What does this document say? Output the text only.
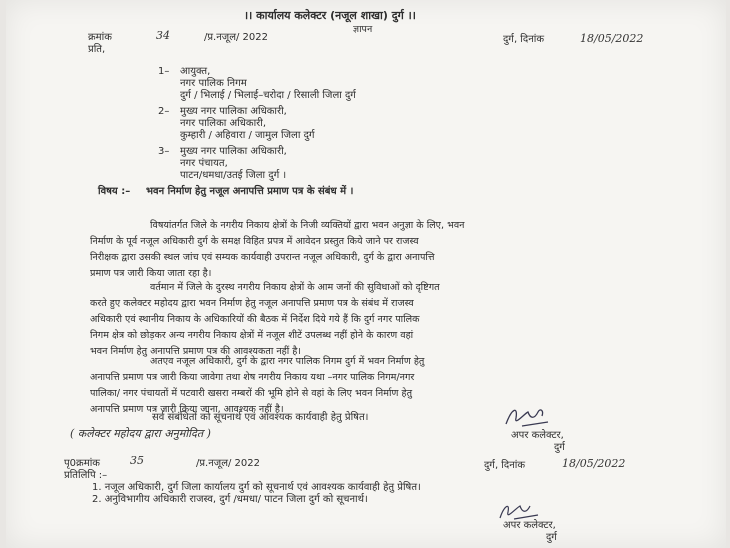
।। कार्यालय कलेक्टर (नजूल शाखा) दुर्ग ।।
ज्ञापन
क्रमांक	34	/प्र.नजूल/ 2022
प्रति,
दुर्ग, दिनांक	18/05/2022
1– आयुक्त,
नगर पालिक निगम
दुर्ग / भिलाई / भिलाई–चरोदा / रिसाली जिला दुर्ग
2– मुख्य नगर पालिका अधिकारी,
नगर पालिका अधिकारी,
कुम्हारी / अहिवारा / जामुल जिला दुर्ग
3– मुख्य नगर पालिका अधिकारी,
नगर पंचायत,
पाटन/धमधा/उतई जिला दुर्ग ।
विषय :– भवन निर्माण हेतु नजूल अनापत्ति प्रमाण पत्र के संबंध में ।
विषयांतर्गत जिले के नगरीय निकाय क्षेत्रों के निजी व्यक्तियों द्वारा भवन अनुज्ञा के लिए, भवन
निर्माण के पूर्व नजूल अधिकारी दुर्ग के समक्ष विहित प्रपत्र में आवेदन प्रस्तुत किये जाने पर राजस्व
निरीक्षक द्वारा उसकी स्थल जांच एवं सम्यक कार्यवाही उपरान्त नजूल अधिकारी, दुर्ग के द्वारा अनापत्ति
प्रमाण पत्र जारी किया जाता रहा है।
वर्तमान में जिले के दुरस्थ नगरीय निकाय क्षेत्रों के आम जनों की सुविधाओं को दृष्टिगत
करते हुए कलेक्टर महोदय द्वारा भवन निर्माण हेतु नजूल अनापत्ति प्रमाण पत्र के संबंध में राजस्व
अधिकारी एवं स्थानीय निकाय के अधिकारियों की बैठक में निर्देश दिये गये हैं कि दुर्ग नगर पालिक
निगम क्षेत्र को छोड़कर अन्य नगरीय निकाय क्षेत्रों में नजूल शीटें उपलब्ध नहीं होने के कारण वहां
भवन निर्माण हेतु अनापत्ति प्रमाण पत्र की आवश्यकता नहीं है।
अतएव नजूल अधिकारी, दुर्ग के द्वारा नगर पालिक निगम दुर्ग में भवन निर्माण हेतु
अनापत्ति प्रमाण पत्र जारी किया जावेगा तथा शेष नगरीय निकाय यथा –नगर पालिक निगम/नगर
पालिका/ नगर पंचायतों में पटवारी खसरा नम्बरों की भूमि होने से वहां के लिए भवन निर्माण हेतु
अनापत्ति प्रमाण पत्र जारी किया जाना, आवश्यक नहीं है।
सर्व संबंधितों को सूचनार्थ एवं आवश्यक कार्यवाही हेतु प्रेषित।
( कलेक्टर महोदय द्वारा अनुमोदित )	अपर कलेक्टर,
दुर्ग
पृ0क्रमांक	35	/प्र.नजूल/ 2022
प्रतिलिपि :–
दुर्ग, दिनांक	18/05/2022
1. नजूल अधिकारी, दुर्ग जिला कार्यालय दुर्ग को सूचनार्थ एवं आवश्यक कार्यवाही हेतु प्रेषित।
2. अनुविभागीय अधिकारी राजस्व, दुर्ग /धमधा/ पाटन जिला दुर्ग को सूचनार्थ।
अपर कलेक्टर,
दुर्ग
